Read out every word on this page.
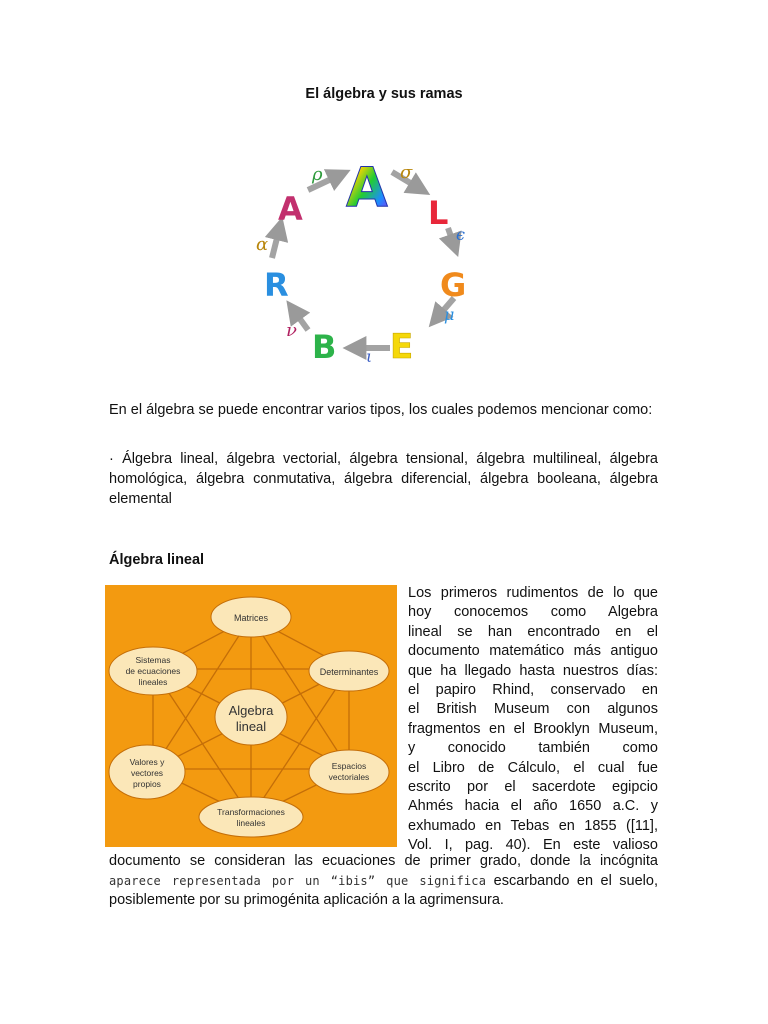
El álgebra y sus ramas
A L
G
E
B
R
A
σ
ϵ
μ
ι
ν
α
ρ

En el álgebra se puede encontrar varios tipos, los cuales podemos mencionar como:

· Álgebra lineal, álgebra vectorial, álgebra tensional, álgebra multilineal, álgebra homológica, álgebra conmutativa, álgebra diferencial, álgebra booleana, álgebra elemental

Álgebra lineal
Matrices
Determinantes
Sistemas
de ecuaciones
lineales
Valores y
vectores
propios
Espacios
vectoriales
Transformaciones
lineales
Algebra
lineal
Los primeros rudimentos de lo que
hoy conocemos como Algebra
lineal se han encontrado en el
documento matemático más antiguo
que ha llegado hasta nuestros días:
el papiro Rhind, conservado en
el British Museum con algunos
fragmentos en el Brooklyn Museum,
y conocido también como
el Libro de Cálculo, el cual fue
escrito por el sacerdote egipcio
Ahmés hacia el año 1650 a.C. y
exhumado en Tebas en 1855 ([11],
Vol. I, pag. 40). En este valioso
documento se consideran las ecuaciones de primer grado, donde la incógnita
aparece representada por un “ibis” que significa escarbando en el suelo,
posiblemente por su primogénita aplicación a la agrimensura.
